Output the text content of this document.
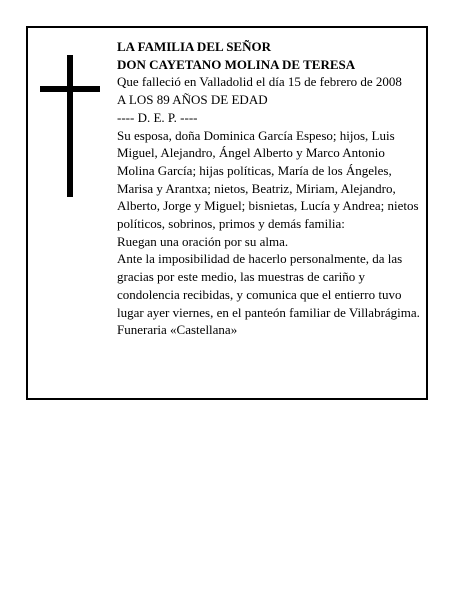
LA FAMILIA DEL SEÑOR

DON CAYETANO MOLINA DE TERESA

Que falleció en Valladolid el día 15 de febrero de 2008

A LOS 89 AÑOS DE EDAD

---- D. E. P. ----

Su esposa, doña Dominica García Espeso; hijos, Luis Miguel, Alejandro, Ángel Alberto y Marco Antonio Molina García; hijas políticas, María de los Ángeles, Marisa y Arantxa; nietos, Beatriz, Miriam, Alejandro, Alberto, Jorge y Miguel; bisnietas, Lucía y Andrea; nietos políticos, sobrinos, primos y demás familia:

Ruegan una oración por su alma.

Ante la imposibilidad de hacerlo personalmente, da las gracias por este medio, las muestras de cariño y condolencia recibidas, y comunica que el entierro tuvo lugar ayer viernes, en el panteón familiar de Villabrágima.

Funeraria «Castellana»
